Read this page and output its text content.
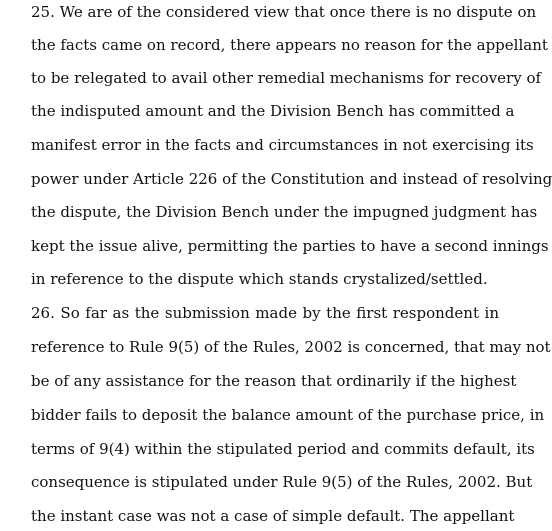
25. We are of the considered view that once there is no dispute on
the facts came on record, there appears no reason for the appellant
to be relegated to avail other remedial mechanisms for recovery of
the indisputed amount and the Division Bench has committed a
manifest error in the facts and circumstances in not exercising its
power under Article 226 of the Constitution and instead of resolving
the dispute, the Division Bench under the impugned judgment has
kept the issue alive, permitting the parties to have a second innings
in reference to the dispute which stands crystalized/settled.
26. So far as the submission made by the first respondent in
reference to Rule 9(5) of the Rules, 2002 is concerned, that may not
be of any assistance for the reason that ordinarily if the highest
bidder fails to deposit the balance amount of the purchase price, in
terms of 9(4) within the stipulated period and commits default, its
consequence is stipulated under Rule 9(5) of the Rules, 2002. But
the instant case was not a case of simple default. The appellant
